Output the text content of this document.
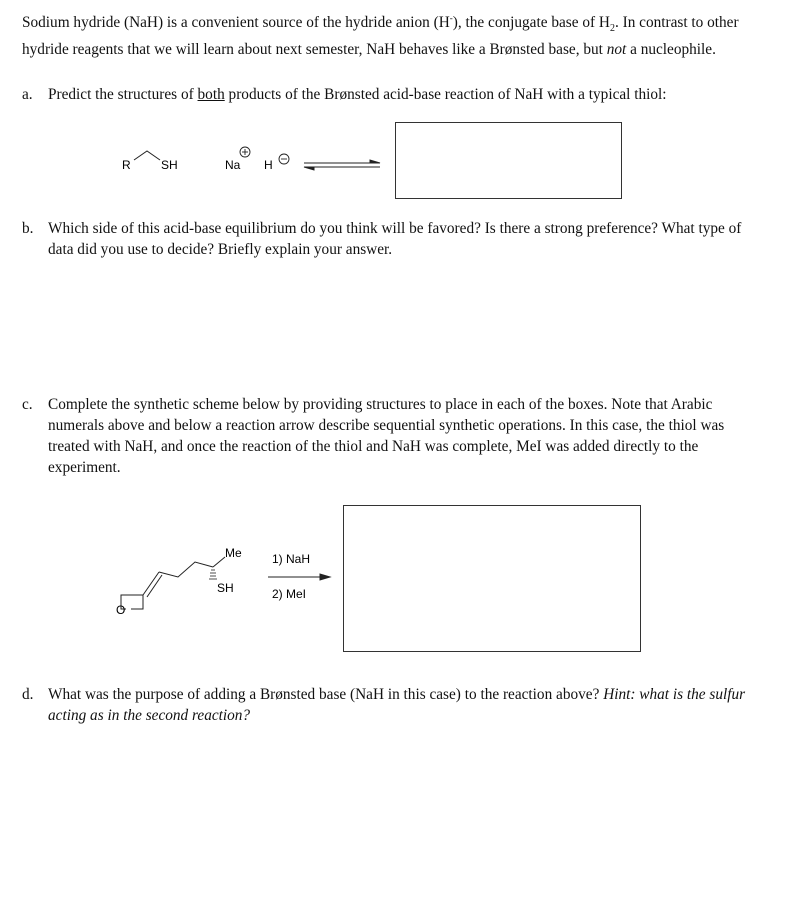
Sodium hydride (NaH) is a convenient source of the hydride anion (H-), the conjugate base of $H_2$. In contrast to other hydride reagents that we will learn about next semester, NaH behaves like a Brønsted base, but not a nucleophile.
a. Predict the structures of both products of the Brønsted acid-base reaction of NaH with a typical thiol:
b. Which side of this acid-base equilibrium do you think will be favored? Is there a strong preference? What type of data did you use to decide? Briefly explain your answer.
c. Complete the synthetic scheme below by providing structures to place in each of the boxes. Note that Arabic numerals above and below a reaction arrow describe sequential synthetic operations. In this case, the thiol was treated with NaH, and once the reaction of the thiol and NaH was complete, MeI was added directly to the experiment.
d. What was the purpose of adding a Brønsted base (NaH in this case) to the reaction above? Hint: what is the sulfur acting as in the second reaction?
R	SH	Na H
O
Me
SH
1) NaH
2) MeI
